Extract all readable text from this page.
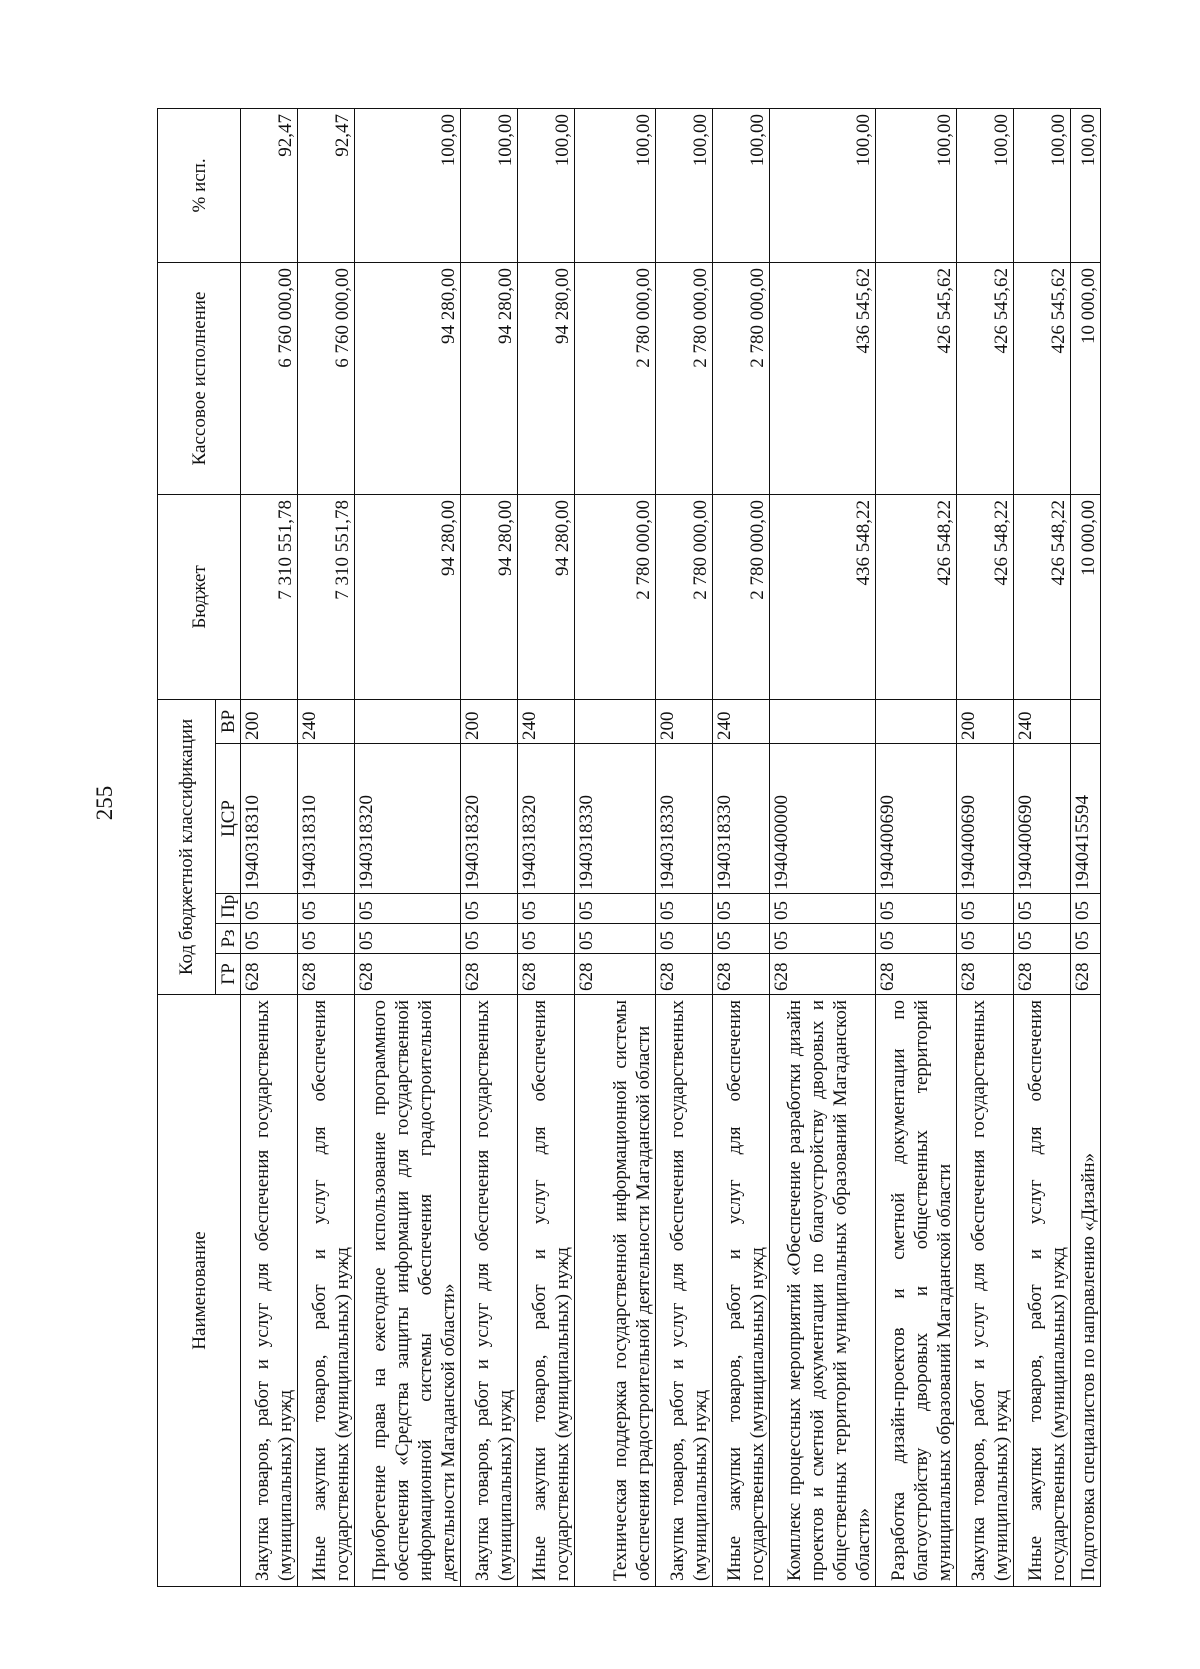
255
Наименование	Код бюджетной классификации					Бюджет	Кассовое исполнение	% исп.
	ГР	Рз	Пр	ЦСР	ВР			
Закупка товаров, работ и услуг для обеспечения государственных (муниципальных) нужд	628	05	05	1940318310	200	7 310 551,78	6 760 000,00	92,47
Иные закупки товаров, работ и услуг для обеспечения государственных (муниципальных) нужд	628	05	05	1940318310	240	7 310 551,78	6 760 000,00	92,47
Приобретение права на ежегодное использование программного обеспечения «Средства защиты информации для государственной информационной системы обеспечения градостроительной деятельности Магаданской области»	628	05	05	1940318320		94 280,00	94 280,00	100,00
Закупка товаров, работ и услуг для обеспечения государственных (муниципальных) нужд	628	05	05	1940318320	200	94 280,00	94 280,00	100,00
Иные закупки товаров, работ и услуг для обеспечения государственных (муниципальных) нужд	628	05	05	1940318320	240	94 280,00	94 280,00	100,00
Техническая поддержка государственной информационной системы обеспечения градостроительной деятельности Магаданской области	628	05	05	1940318330		2 780 000,00	2 780 000,00	100,00
Закупка товаров, работ и услуг для обеспечения государственных (муниципальных) нужд	628	05	05	1940318330	200	2 780 000,00	2 780 000,00	100,00
Иные закупки товаров, работ и услуг для обеспечения государственных (муниципальных) нужд	628	05	05	1940318330	240	2 780 000,00	2 780 000,00	100,00
Комплекс процессных мероприятий «Обеспечение разработки дизайн проектов и сметной документации по благоустройству дворовых и общественных территорий муниципальных образований Магаданской области»	628	05	05	1940400000		436 548,22	436 545,62	100,00
Разработка дизайн-проектов и сметной документации по благоустройству дворовых и общественных территорий муниципальных образований Магаданской области	628	05	05	1940400690		426 548,22	426 545,62	100,00
Закупка товаров, работ и услуг для обеспечения государственных (муниципальных) нужд	628	05	05	1940400690	200	426 548,22	426 545,62	100,00
Иные закупки товаров, работ и услуг для обеспечения государственных (муниципальных) нужд	628	05	05	1940400690	240	426 548,22	426 545,62	100,00
Подготовка специалистов по направлению «Дизайн»	628	05	05	1940415594		10 000,00	10 000,00	100,00
